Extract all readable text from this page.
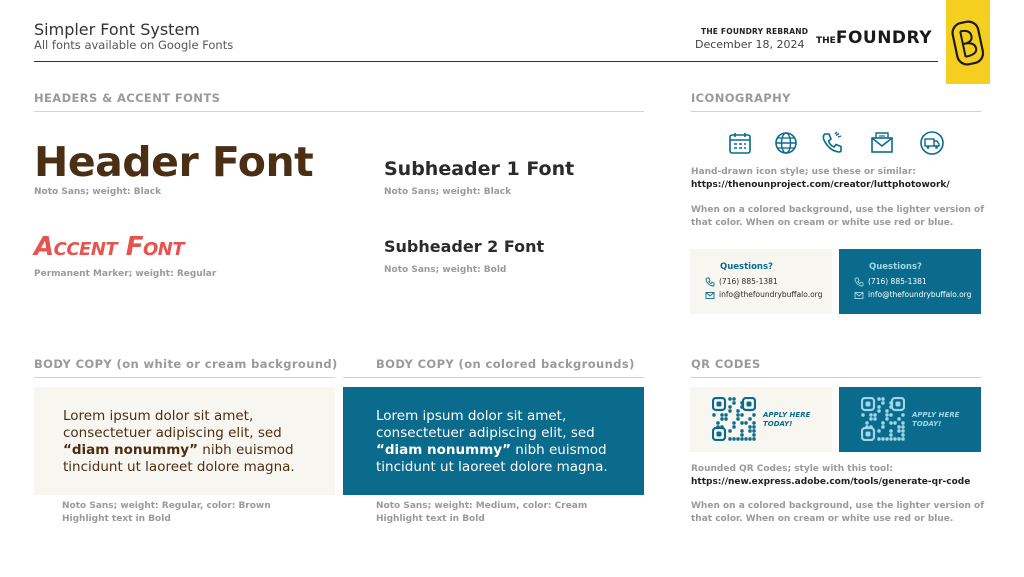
Simpler Font System
All fonts available on Google Fonts
THE FOUNDRY REBRAND
December 18, 2024 THEFOUNDRY
HEADERS & ACCENT FONTS
Header Font
Noto Sans; weight: Black
Accent Font
Permanent Marker; weight: Regular
Subheader 1 Font
Noto Sans; weight: Black
Subheader 2 Font
Noto Sans; weight: Bold
BODY COPY (on white or cream background)	BODY COPY (on colored backgrounds)
Lorem ipsum dolor sit amet, consectetuer adipiscing elit, sed “diam nonummy” nibh euismod tincidunt ut laoreet dolore magna.
Lorem ipsum dolor sit amet, consectetuer adipiscing elit, sed “diam nonummy” nibh euismod tincidunt ut laoreet dolore magna.
Noto Sans; weight: Regular, color: Brown
Highlight text in Bold
Noto Sans; weight: Medium, color: Cream
Highlight text in Bold
ICONOGRAPHY
Hand-drawn icon style; use these or similar:
https://thenounproject.com/creator/luttphotowork/
When on a colored background, use the lighter version of that color. When on cream or white use red or blue.
Questions?
(716) 885-1381
info@thefoundrybuffalo.org
Questions?
(716) 885-1381
info@thefoundrybuffalo.org
QR CODES
APPLY HERE
TODAY!
APPLY HERE
TODAY!
Rounded QR Codes; style with this tool:
https://new.express.adobe.com/tools/generate-qr-code
When on a colored background, use the lighter version of that color. When on cream or white use red or blue.
